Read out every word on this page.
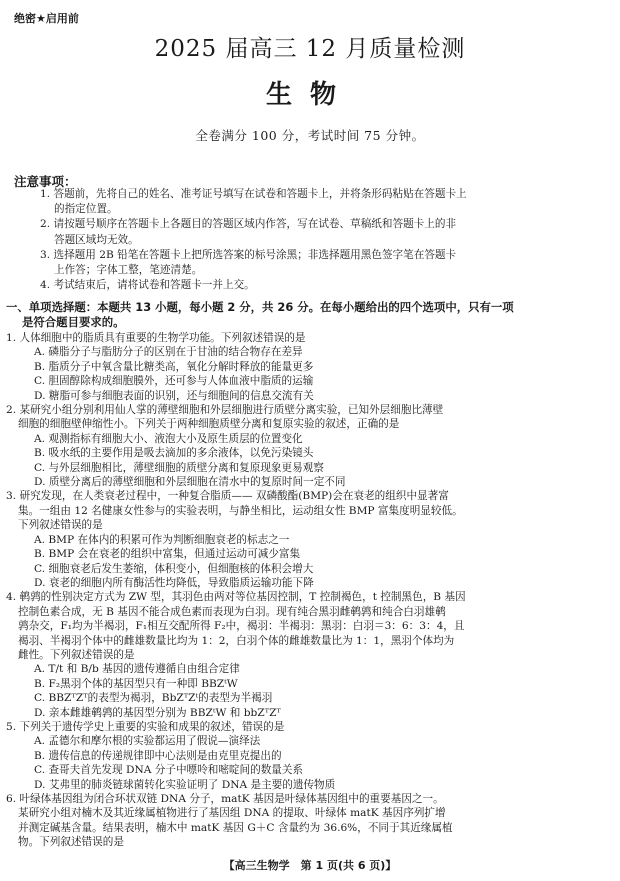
绝密★启用前
2025 届高三 12 月质量检测
生物
全卷满分 100 分，考试时间 75 分钟。
注意事项：

1. 答题前，先将自己的姓名、准考证号填写在试卷和答题卡上，并将条形码粘贴在答题卡上

的指定位置。

2. 请按题号顺序在答题卡上各题目的答题区域内作答，写在试卷、草稿纸和答题卡上的非

答题区域均无效。

3. 选择题用 2B 铅笔在答题卡上把所选答案的标号涂黑；非选择题用黑色签字笔在答题卡

上作答；字体工整，笔迹清楚。

4. 考试结束后，请将试卷和答题卡一并上交。

一、单项选择题：本题共 13 小题，每小题 2 分，共 26 分。在每小题给出的四个选项中，只有一项
是符合题目要求的。

1. 人体细胞中的脂质具有重要的生物学功能。下列叙述错误的是

A. 磷脂分子与脂肪分子的区别在于甘油的结合物存在差异

B. 脂质分子中氧含量比糖类高，氧化分解时释放的能量更多

C. 胆固醇除构成细胞膜外，还可参与人体血液中脂质的运输

D. 糖脂可参与细胞表面的识别，还与细胞间的信息交流有关

2. 某研究小组分别利用仙人掌的薄壁细胞和外层细胞进行质壁分离实验，已知外层细胞比薄壁

细胞的细胞壁伸缩性小。下列关于两种细胞质壁分离和复原实验的叙述，正确的是

A. 观测指标有细胞大小、液泡大小及原生质层的位置变化

B. 吸水纸的主要作用是吸去滴加的多余液体，以免污染镜头

C. 与外层细胞相比，薄壁细胞的质壁分离和复原现象更易观察

D. 质壁分离后的薄壁细胞和外层细胞在清水中的复原时间一定不同

3. 研究发现，在人类衰老过程中，一种复合脂质—— 双磷酸酯(BMP)会在衰老的组织中显著富

集。一组由 12 名健康女性参与的实验表明，与静坐相比，运动组女性 BMP 富集度明显较低。

下列叙述错误的是

A. BMP 在体内的积累可作为判断细胞衰老的标志之一

B. BMP 会在衰老的组织中富集，但通过运动可减少富集

C. 细胞衰老后发生萎缩，体积变小，但细胞核的体积会增大

D. 衰老的细胞内所有酶活性均降低，导致脂质运输功能下降

4. 鹌鹑的性别决定方式为 ZW 型，其羽色由两对等位基因控制，T 控制褐色，t 控制黑色，B 基因

控制色素合成，无 B 基因不能合成色素而表现为白羽。现有纯合黑羽雌鹌鹑和纯合白羽雄鹌

鹑杂交，F₁均为半褐羽，F₁相互交配所得 F₂中，褐羽：半褐羽：黑羽：白羽＝3：6：3：4，且

褐羽、半褐羽个体中的雌雄数量比均为 1：2，白羽个体的雌雄数量比为 1：1，黑羽个体均为

雌性。下列叙述错误的是

A. T/t 和 B/b 基因的遗传遵循自由组合定律

B. F₂黑羽个体的基因型只有一种即 BBZᵗW

C. BBZᵀZᵀ的表型为褐羽，BbZᵀZᵗ的表型为半褐羽

D. 亲本雌雄鹌鹑的基因型分别为 BBZᵗW 和 bbZᵀZᵀ

5. 下列关于遗传学史上重要的实验和成果的叙述，错误的是

A. 孟德尔和摩尔根的实验都运用了假说—演绎法

B. 遗传信息的传递规律即中心法则是由克里克提出的

C. 查哥夫首先发现 DNA 分子中嘌呤和嘧啶间的数量关系

D. 艾弗里的肺炎链球菌转化实验证明了 DNA 是主要的遗传物质

6. 叶绿体基因组为闭合环状双链 DNA 分子，matK 基因是叶绿体基因组中的重要基因之一。

某研究小组对楠木及其近缘属植物进行了基因组 DNA 的提取、叶绿体 matK 基因序列扩增

并测定碱基含量。结果表明，楠木中 matK 基因 G＋C 含量约为 36.6%，不同于其近缘属植

物。下列叙述错误的是

【高三生物学　第 1 页(共 6 页)】
